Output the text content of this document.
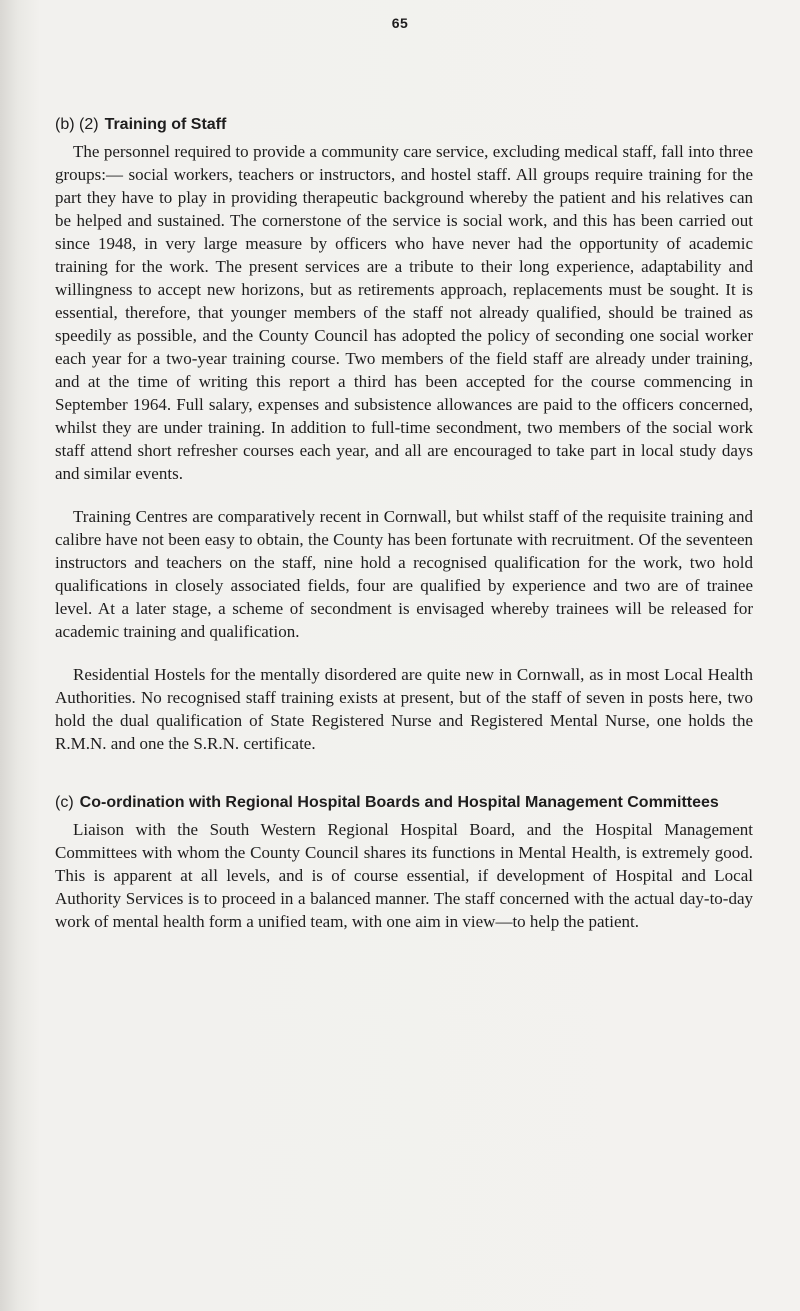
65
(b) (2) Training of Staff

The personnel required to provide a community care service, excluding medical staff, fall into three groups:— social workers, teachers or instructors, and hostel staff. All groups require training for the part they have to play in providing therapeutic background whereby the patient and his relatives can be helped and sustained. The cornerstone of the service is social work, and this has been carried out since 1948, in very large measure by officers who have never had the opportunity of academic training for the work. The present services are a tribute to their long experience, adaptability and willingness to accept new horizons, but as retirements approach, replacements must be sought. It is essential, therefore, that younger members of the staff not already qualified, should be trained as speedily as possible, and the County Council has adopted the policy of seconding one social worker each year for a two-year training course. Two members of the field staff are already under training, and at the time of writing this report a third has been accepted for the course commencing in September 1964. Full salary, expenses and subsistence allowances are paid to the officers concerned, whilst they are under training. In addition to full-time secondment, two members of the social work staff attend short refresher courses each year, and all are encouraged to take part in local study days and similar events.

Training Centres are comparatively recent in Cornwall, but whilst staff of the requisite training and calibre have not been easy to obtain, the County has been fortunate with recruitment. Of the seventeen instructors and teachers on the staff, nine hold a recognised qualification for the work, two hold qualifications in closely associated fields, four are qualified by experience and two are of trainee level. At a later stage, a scheme of secondment is envisaged whereby trainees will be released for academic training and qualification.

Residential Hostels for the mentally disordered are quite new in Cornwall, as in most Local Health Authorities. No recognised staff training exists at present, but of the staff of seven in posts here, two hold the dual qualification of State Registered Nurse and Registered Mental Nurse, one holds the R.M.N. and one the S.R.N. certificate.

(c) Co-ordination with Regional Hospital Boards and Hospital Management Committees

Liaison with the South Western Regional Hospital Board, and the Hospital Management Committees with whom the County Council shares its functions in Mental Health, is extremely good. This is apparent at all levels, and is of course essential, if development of Hospital and Local Authority Services is to proceed in a balanced manner. The staff concerned with the actual day-to-day work of mental health form a unified team, with one aim in view—to help the patient.
